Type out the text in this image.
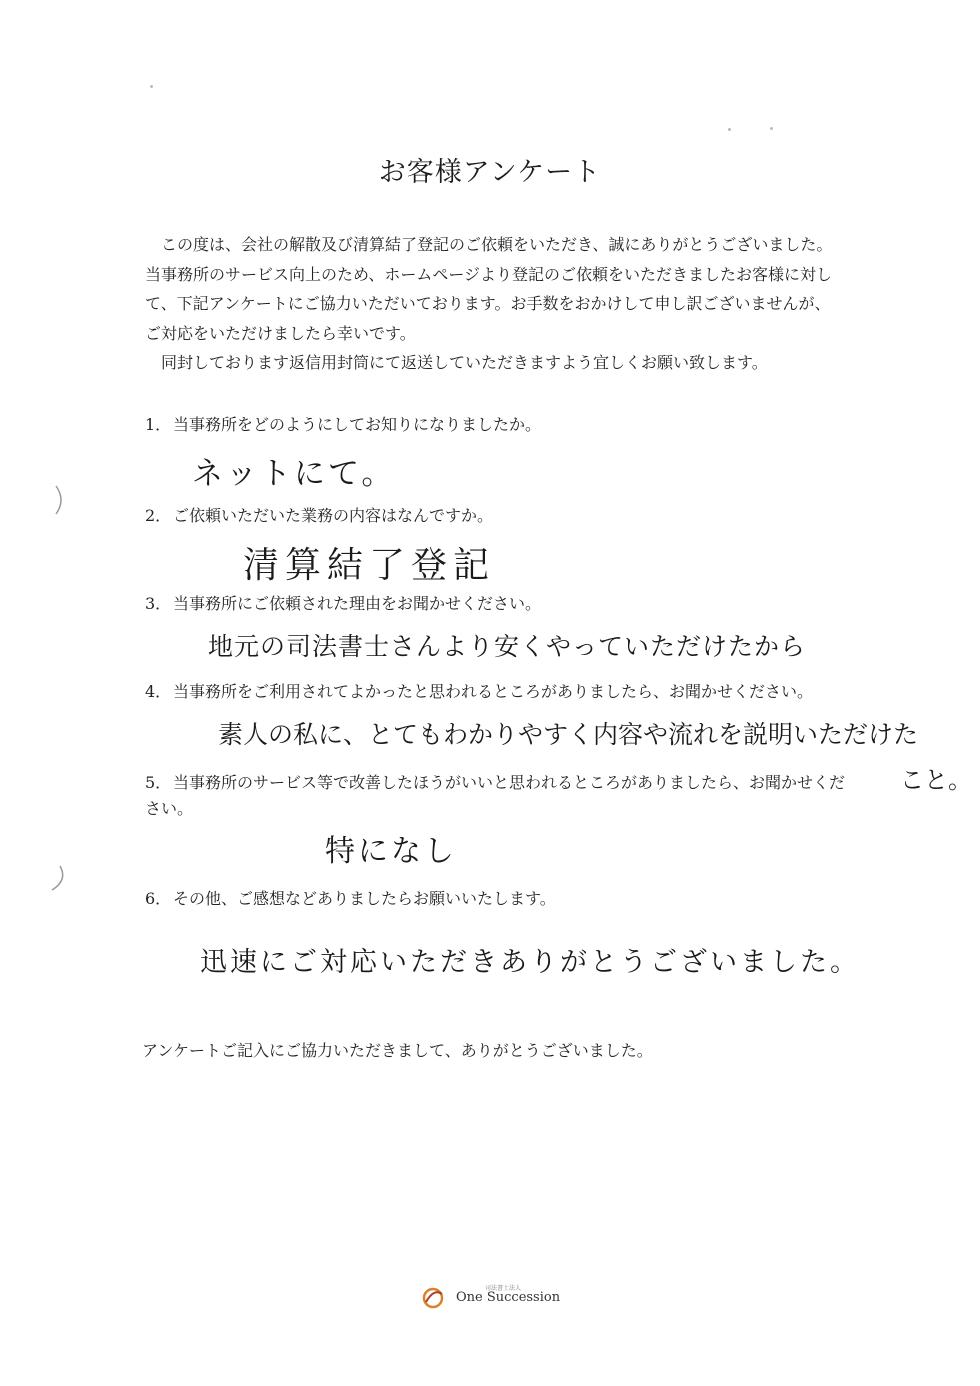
お客様アンケート

この度は、会社の解散及び清算結了登記のご依頼をいただき、誠にありがとうございました。当事務所のサービス向上のため、ホームページより登記のご依頼をいただきましたお客様に対して、下記アンケートにご協力いただいております。お手数をおかけして申し訳ございませんが、ご対応をいただけましたら幸いです。

同封しております返信用封筒にて返送していただきますよう宜しくお願い致します。

1． 当事務所をどのようにしてお知りになりましたか。
ネットにて。
2． ご依頼いただいた業務の内容はなんですか。
清算結了登記
3． 当事務所にご依頼された理由をお聞かせください。
地元の司法書士さんより安くやっていただけたから
4． 当事務所をご利用されてよかったと思われるところがありましたら、お聞かせください。
素人の私に、とてもわかりやすく内容や流れを説明いただけた
こと。
5． 当事務所のサービス等で改善したほうがいいと思われるところがありましたら、お聞かせください。
特になし
6． その他、ご感想などありましたらお願いいたします。
迅速にご対応いただきありがとうございました。
アンケートご記入にご協力いただきまして、ありがとうございました。
司法書士法人
One Succession
